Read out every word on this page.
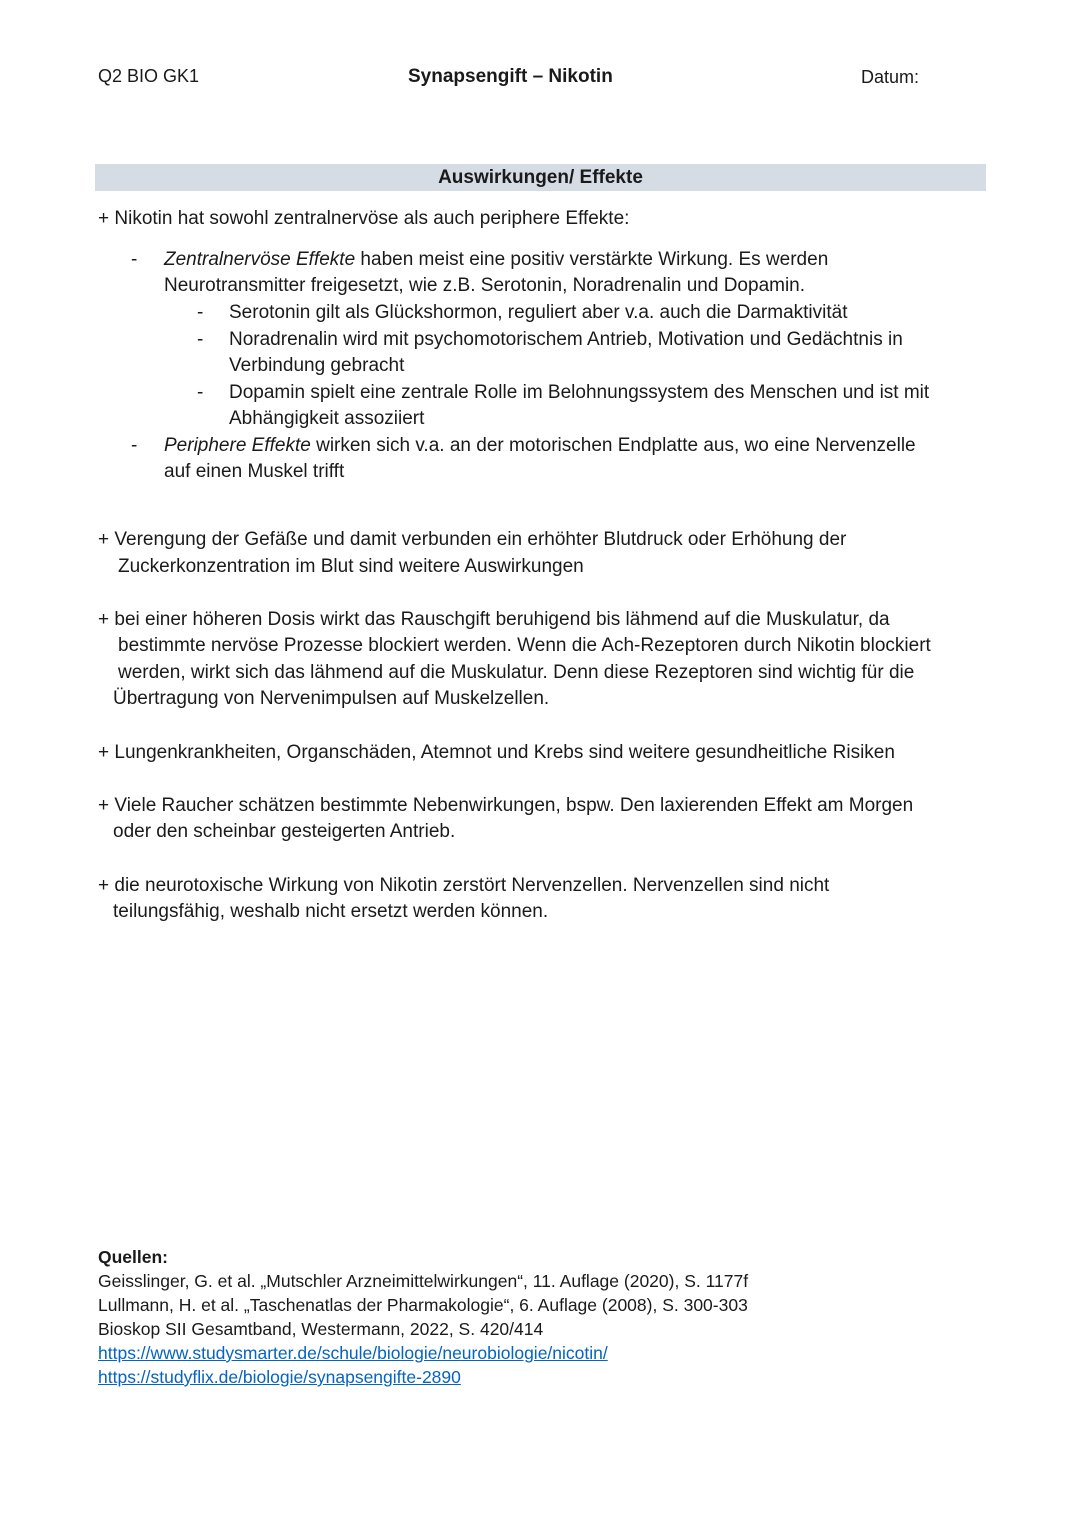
Q2 BIO GK1	Synapsengift – Nikotin	Datum:
Auswirkungen/ Effekte
+ Nikotin hat sowohl zentralnervöse als auch periphere Effekte:
- Zentralnervöse Effekte haben meist eine positiv verstärkte Wirkung. Es werden
Neurotransmitter freigesetzt, wie z.B. Serotonin, Noradrenalin und Dopamin.
- Serotonin gilt als Glückshormon, reguliert aber v.a. auch die Darmaktivität
- Noradrenalin wird mit psychomotorischem Antrieb, Motivation und Gedächtnis in
Verbindung gebracht
- Dopamin spielt eine zentrale Rolle im Belohnungssystem des Menschen und ist mit
Abhängigkeit assoziiert
- Periphere Effekte wirken sich v.a. an der motorischen Endplatte aus, wo eine Nervenzelle
auf einen Muskel trifft
+ Verengung der Gefäße und damit verbunden ein erhöhter Blutdruck oder Erhöhung der
Zuckerkonzentration im Blut sind weitere Auswirkungen
+ bei einer höheren Dosis wirkt das Rauschgift beruhigend bis lähmend auf die Muskulatur, da
bestimmte nervöse Prozesse blockiert werden. Wenn die Ach-Rezeptoren durch Nikotin blockiert
werden, wirkt sich das lähmend auf die Muskulatur. Denn diese Rezeptoren sind wichtig für die
Übertragung von Nervenimpulsen auf Muskelzellen.
+ Lungenkrankheiten, Organschäden, Atemnot und Krebs sind weitere gesundheitliche Risiken
+ Viele Raucher schätzen bestimmte Nebenwirkungen, bspw. Den laxierenden Effekt am Morgen
oder den scheinbar gesteigerten Antrieb.
+ die neurotoxische Wirkung von Nikotin zerstört Nervenzellen. Nervenzellen sind nicht
teilungsfähig, weshalb nicht ersetzt werden können.
Quellen:
Geisslinger, G. et al. „Mutschler Arzneimittelwirkungen“, 11. Auflage (2020), S. 1177f
Lullmann, H. et al. „Taschenatlas der Pharmakologie“, 6. Auflage (2008), S. 300-303
Bioskop SII Gesamtband, Westermann, 2022, S. 420/414
https://www.studysmarter.de/schule/biologie/neurobiologie/nicotin/
https://studyflix.de/biologie/synapsengifte-2890
